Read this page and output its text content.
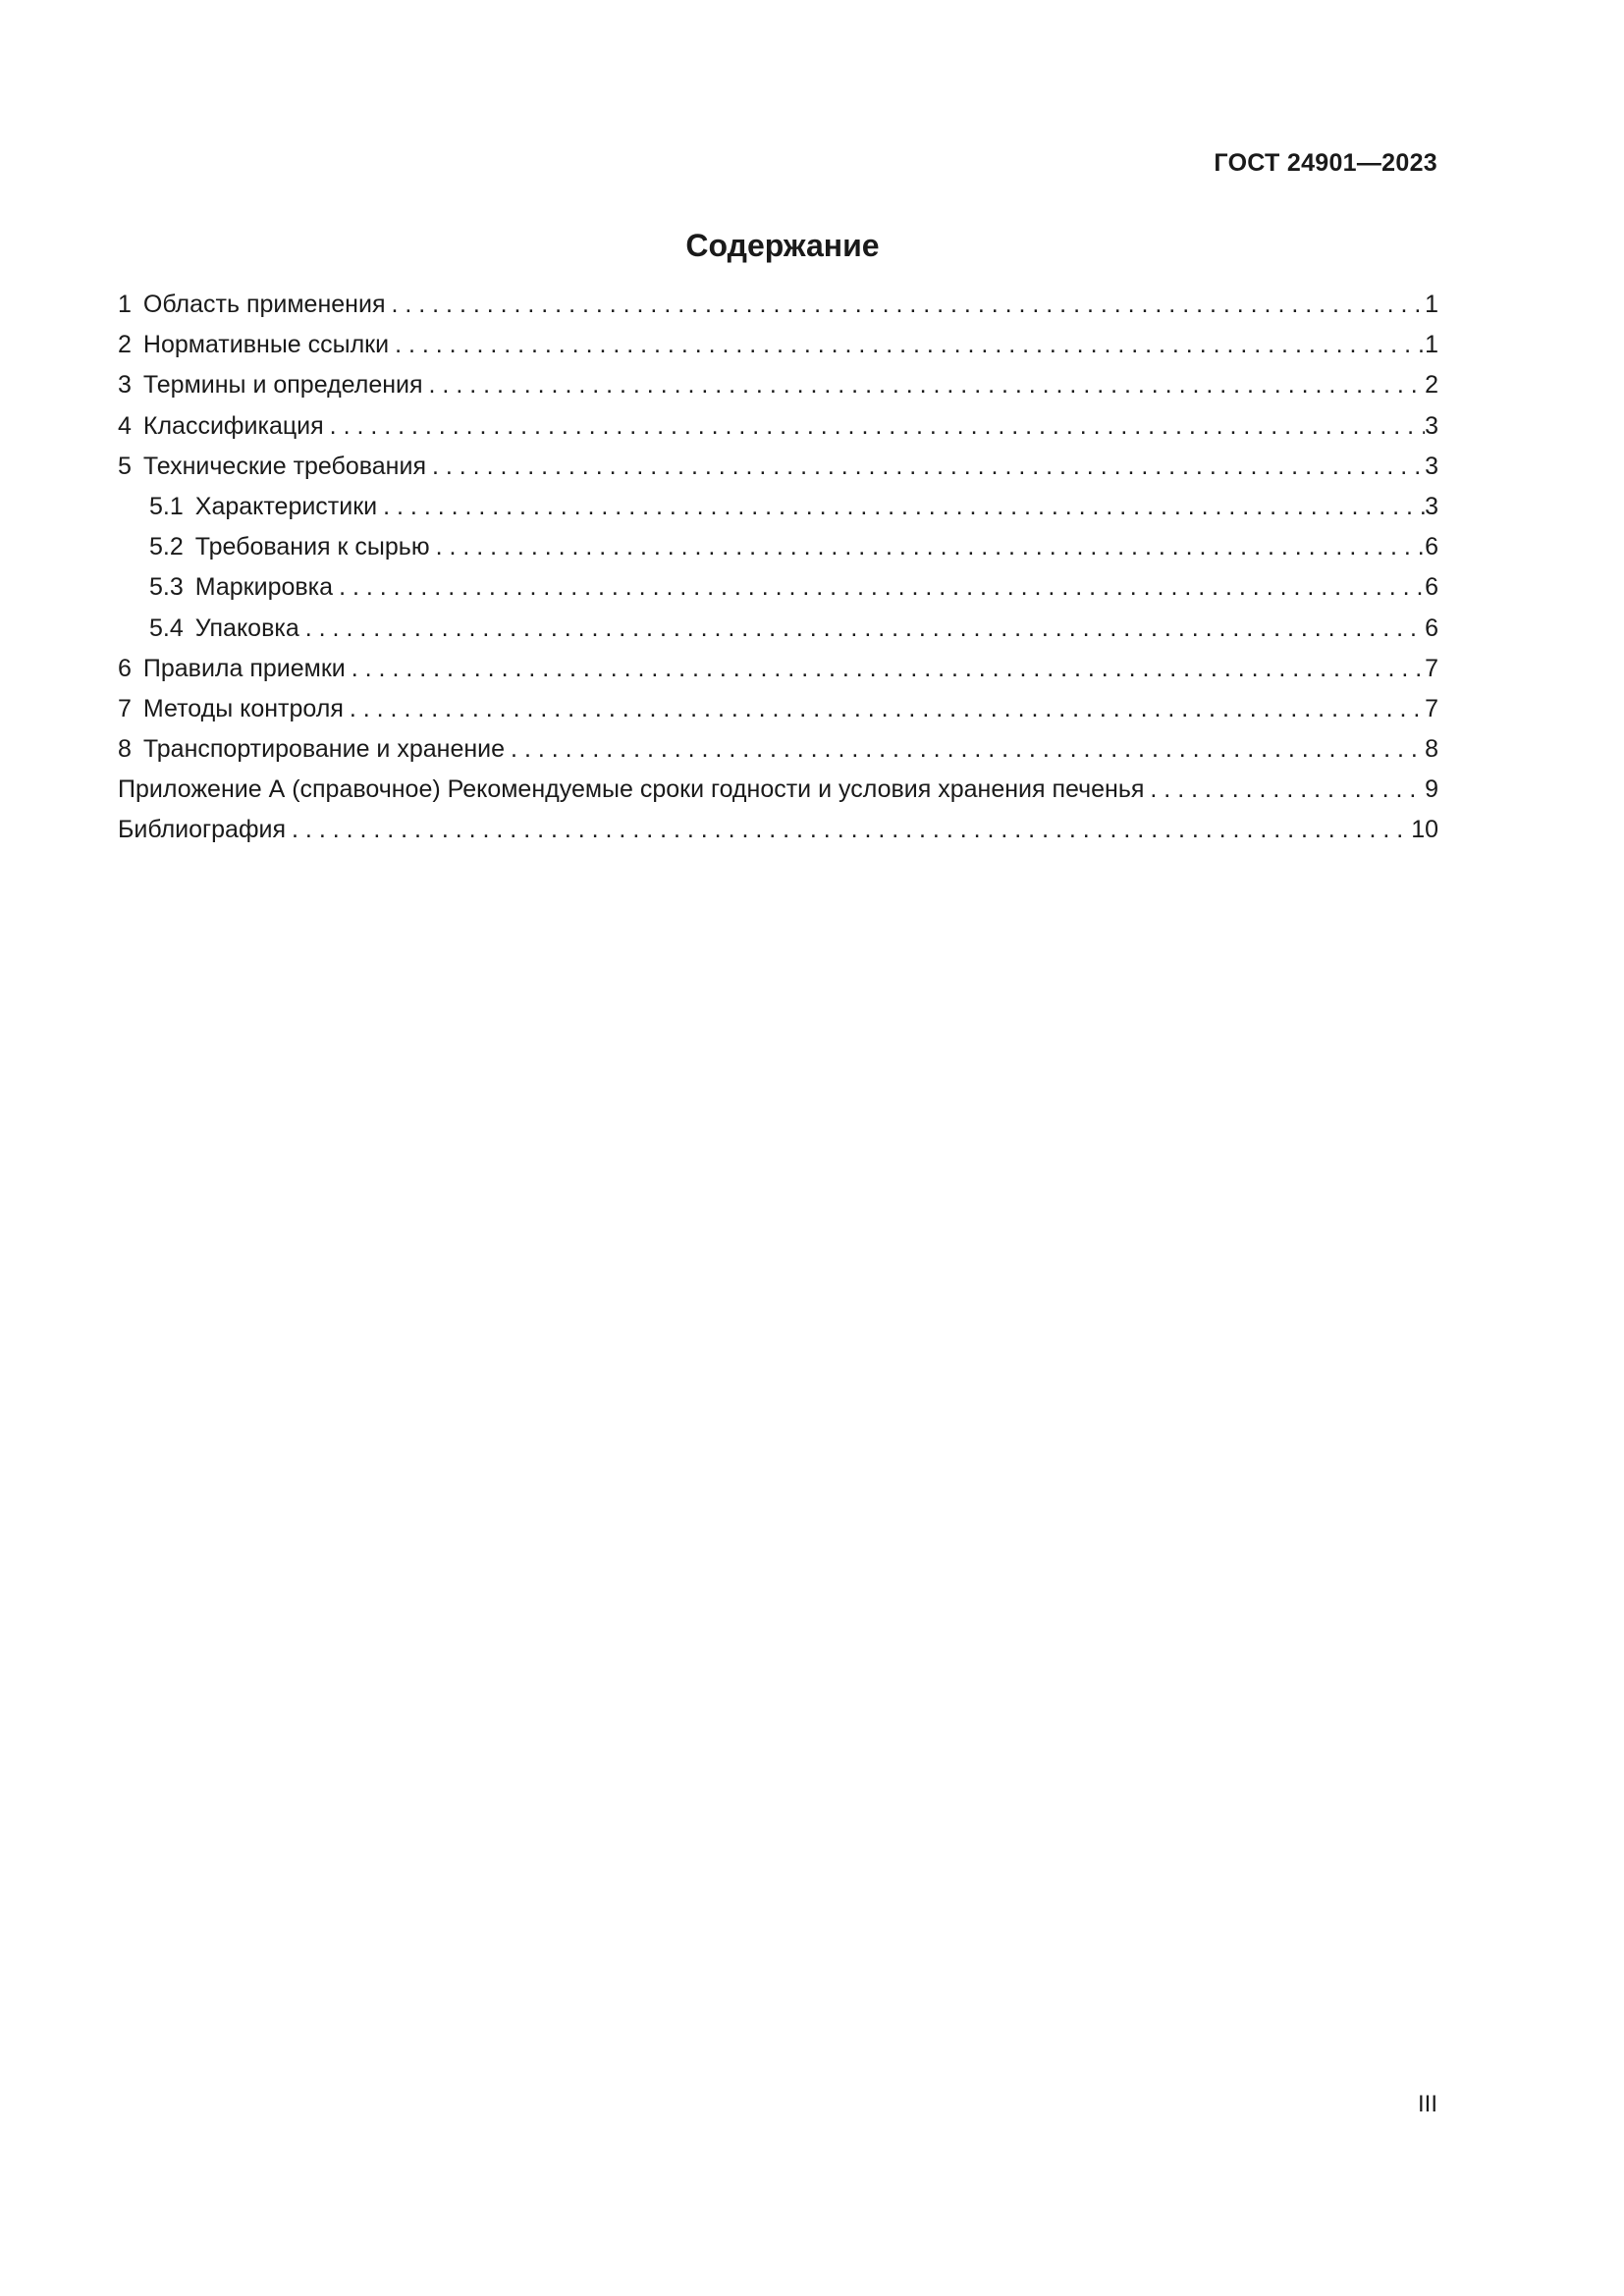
ГОСТ 24901—2023
Содержание
1 Область применения . . .	1
2 Нормативные ссылки . . .	1
3 Термины и определения . . .	2
4 Классификация . . .	3
5 Технические требования . . .	3
5.1 Характеристики . . .	3
5.2 Требования к сырью . . .	6
5.3 Маркировка . . .	6
5.4 Упаковка . . .	6
6 Правила приемки . . .	7
7 Методы контроля . . .	7
8 Транспортирование и хранение . . .	8
Приложение А (справочное) Рекомендуемые сроки годности и условия хранения печенья . . .	9
Библиография . . .	10
III
